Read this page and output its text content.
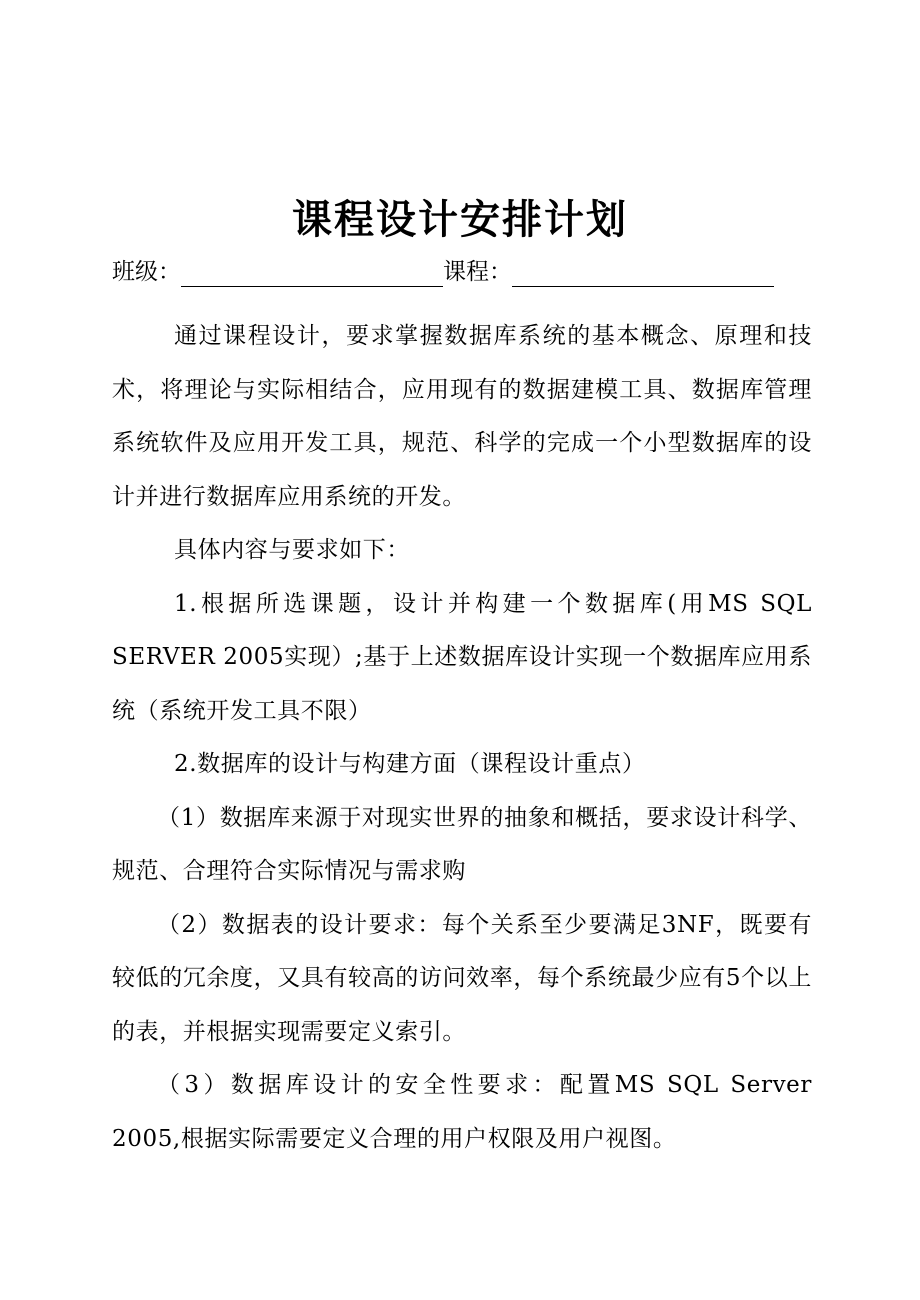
课程设计安排计划
班级：	课程：

通过课程设计，要求掌握数据库系统的基本概念、原理和技术，将理论与实际相结合，应用现有的数据建模工具、数据库管理系统软件及应用开发工具，规范、科学的完成一个小型数据库的设计并进行数据库应用系统的开发。

具体内容与要求如下：

1.根据所选课题，设计并构建一个数据库(用MS SQL SERVER 2005实现）;基于上述数据库设计实现一个数据库应用系统（系统开发工具不限）

2.数据库的设计与构建方面（课程设计重点）

（1）数据库来源于对现实世界的抽象和概括，要求设计科学、规范、合理符合实际情况与需求购

（2）数据表的设计要求：每个关系至少要满足3NF，既要有较低的冗余度，又具有较高的访问效率，每个系统最少应有5个以上的表，并根据实现需要定义索引。

（3）数据库设计的安全性要求：配置MS SQL Server 2005,根据实际需要定义合理的用户权限及用户视图。
